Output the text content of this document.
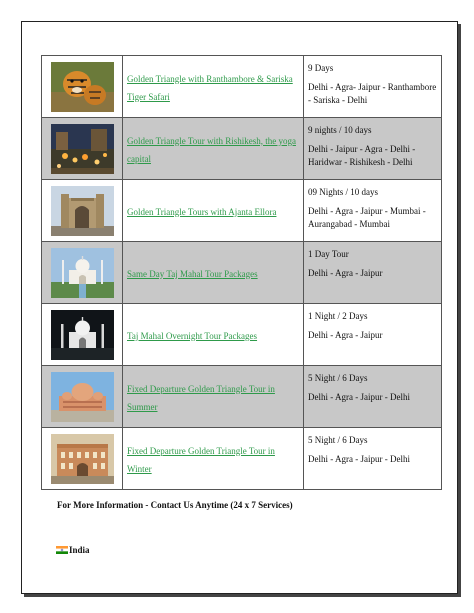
	Golden Triangle with Ranthambore & Sariska Tiger Safari	9 Days
Delhi - Agra- Jaipur - Ranthambore - Sariska - Delhi

	Golden Triangle Tour with Rishikesh, the yoga capital	9 nights / 10 days
Delhi - Jaipur - Agra - Delhi - Haridwar - Rishikesh - Delhi

	Golden Triangle Tours with Ajanta Ellora	09 Nights / 10 days
Delhi - Agra - Jaipur - Mumbai - Aurangabad - Mumbai

	Same Day Taj Mahal Tour Packages	1 Day Tour
Delhi - Agra - Jaipur

	Taj Mahal Overnight Tour Packages	1 Night / 2 Days
Delhi - Agra - Jaipur

	Fixed Departure Golden Triangle Tour in Summer	5 Night / 6 Days
Delhi - Agra - Jaipur - Delhi

	Fixed Departure Golden Triangle Tour in Winter	5 Night / 6 Days
Delhi - Agra - Jaipur - Delhi
For More Information - Contact Us Anytime (24 x 7 Services)
India
